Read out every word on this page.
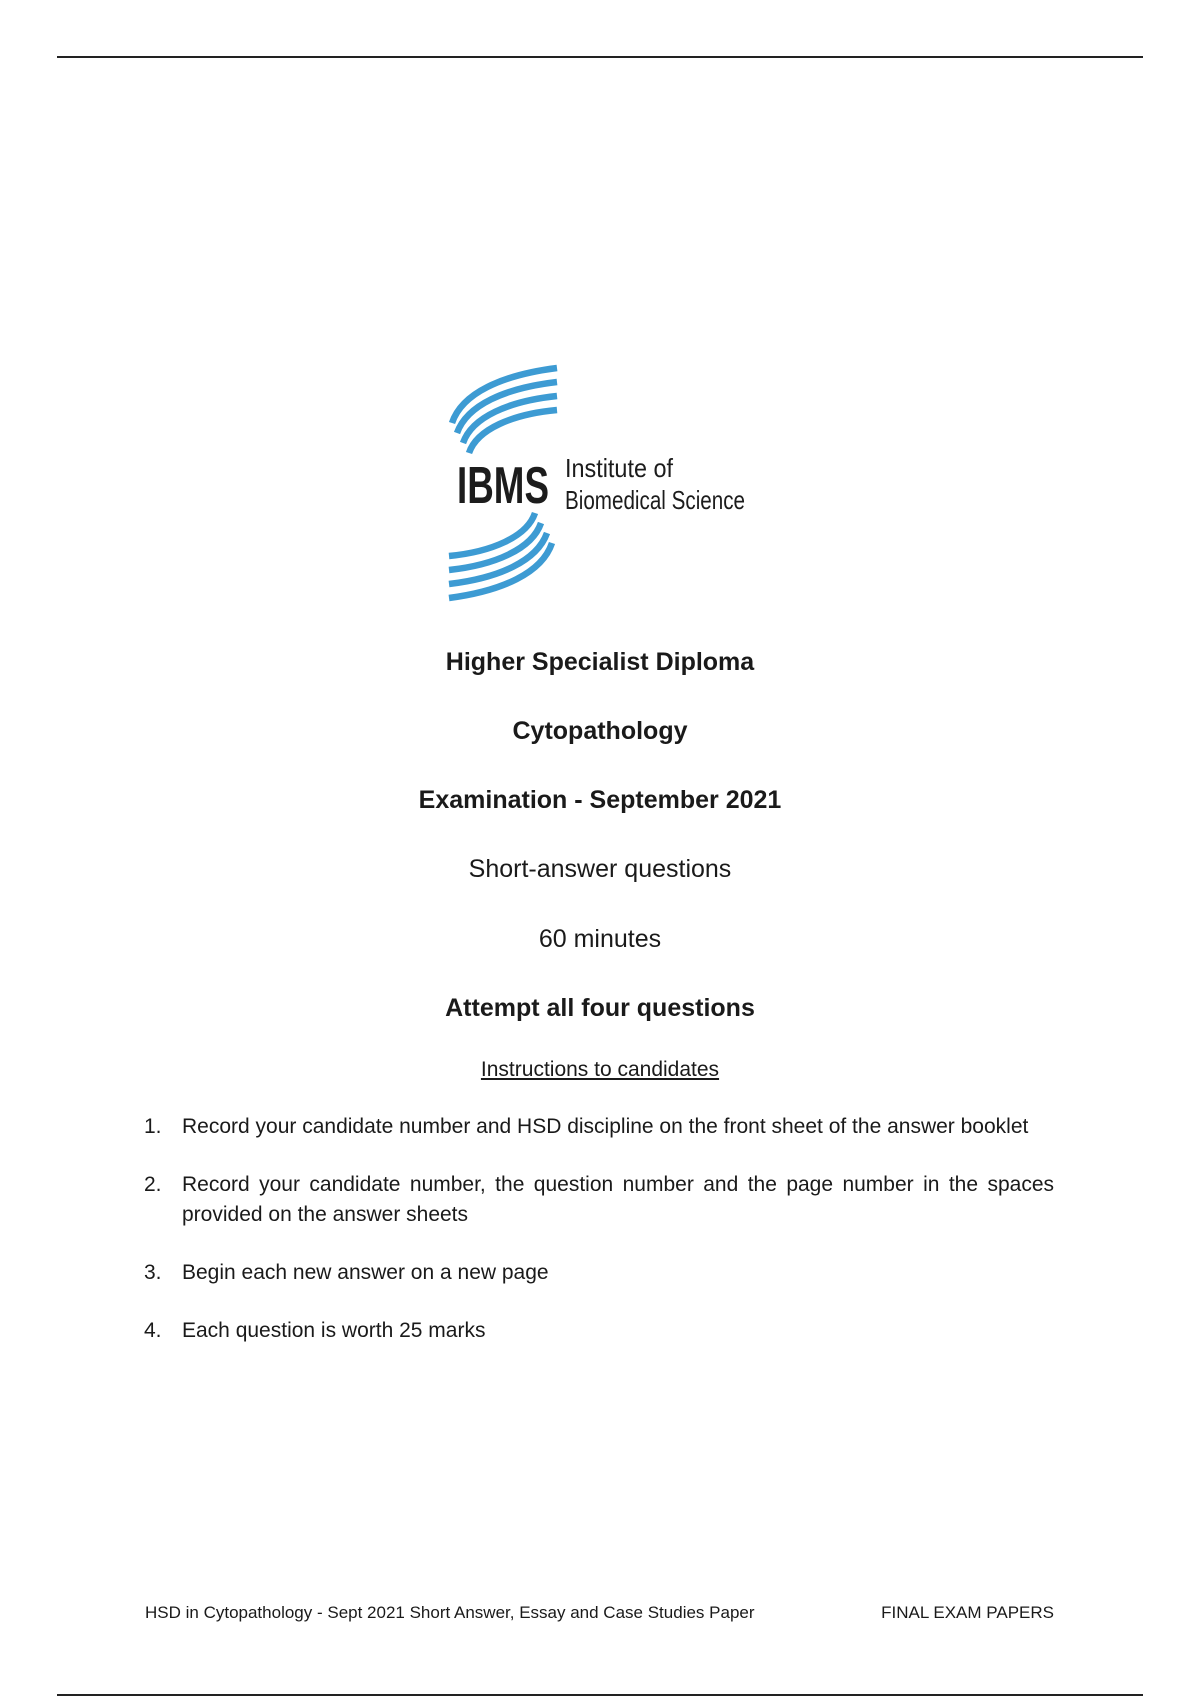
IBMS Institute of
Biomedical Science
Higher Specialist Diploma
Cytopathology
Examination - September 2021
Short-answer questions
60 minutes
Attempt all four questions
Instructions to candidates
1. Record your candidate number and HSD discipline on the front sheet of the answer booklet
2. Record your candidate number, the question number and the page number in the spaces provided on the answer sheets
3. Begin each new answer on a new page
4. Each question is worth 25 marks
HSD in Cytopathology - Sept 2021 Short Answer, Essay and Case Studies Paper	FINAL EXAM PAPERS
